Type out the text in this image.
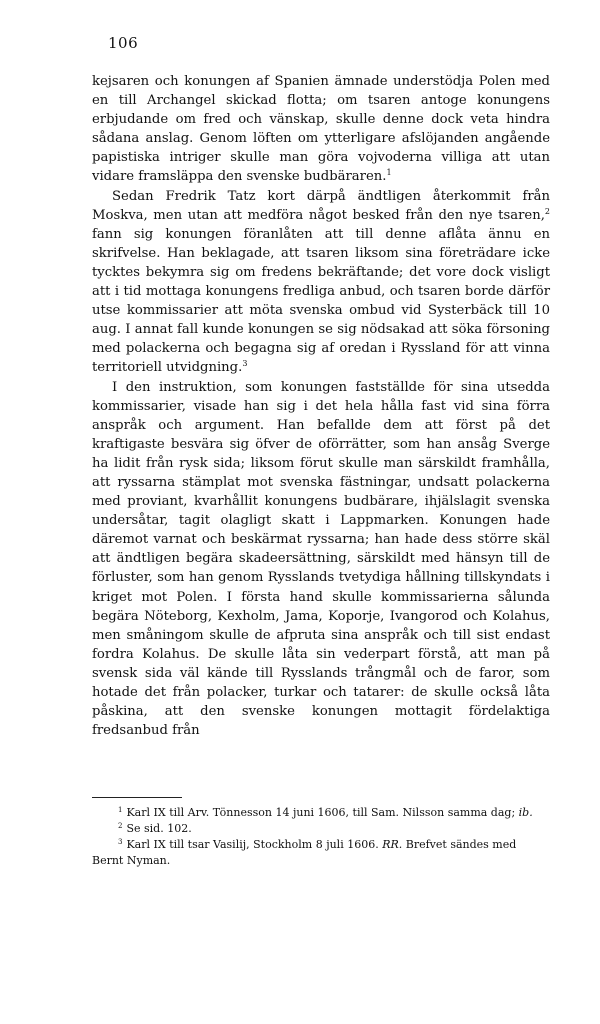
106

kejsaren och konungen af Spanien ämnade understödja Polen med en till Archangel skickad flotta; om tsaren antoge konungens erbjudande om fred och vänskap, skulle denne dock veta hindra sådana anslag. Genom löften om ytterligare afslöjanden angående papistiska intriger skulle man göra vojvoderna villiga att utan vidare framsläppa den svenske budbäraren.$^1$

Sedan Fredrik Tatz kort därpå ändtligen återkommit från Moskva, men utan att medföra något besked från den nye tsaren,$^2$ fann sig konungen föranlåten att till denne aflåta ännu en skrifvelse. Han beklagade, att tsaren liksom sina företrädare icke tycktes bekymra sig om fredens bekräftande; det vore dock visligt att i tid mottaga konungens fredliga anbud, och tsaren borde därför utse kommissarier att möta svenska ombud vid Systerbäck till 10 aug. I annat fall kunde konungen se sig nödsakad att söka försoning med polackerna och begagna sig af oredan i Ryssland för att vinna territoriell utvidgning.$^3$

I den instruktion, som konungen fastställde för sina utsedda kommissarier, visade han sig i det hela hålla fast vid sina förra anspråk och argument. Han befallde dem att först på det kraftigaste besvära sig öfver de oförrätter, som han ansåg Sverge ha lidit från rysk sida; liksom förut skulle man särskildt framhålla, att ryssarna stämplat mot svenska fästningar, undsatt polackerna med proviant, kvarhållit konungens budbärare, ihjälslagit svenska undersåtar, tagit olagligt skatt i Lappmarken. Konungen hade däremot varnat och beskärmat ryssarna; han hade dess större skäl att ändtligen begära skadeersättning, särskildt med hänsyn till de förluster, som han genom Rysslands tvetydiga hållning tillskyndats i kriget mot Polen. I första hand skulle kommissarierna sålunda begära Nöteborg, Kexholm, Jama, Koporje, Ivangorod och Kolahus, men småningom skulle de afpruta sina anspråk och till sist endast fordra Kolahus. De skulle låta sin vederpart förstå, att man på svensk sida väl kände till Rysslands trångmål och de faror, som hotade det från polacker, turkar och tatarer: de skulle också låta påskina, att den svenske konungen mottagit fördelaktiga fredsanbud från

$^1$ Karl IX till Arv. Tönnesson 14 juni 1606, till Sam. Nilsson samma dag; ib.

$^2$ Se sid. 102.

$^3$ Karl IX till tsar Vasilij, Stockholm 8 juli 1606. RR. Brefvet sändes med Bernt Nyman.
